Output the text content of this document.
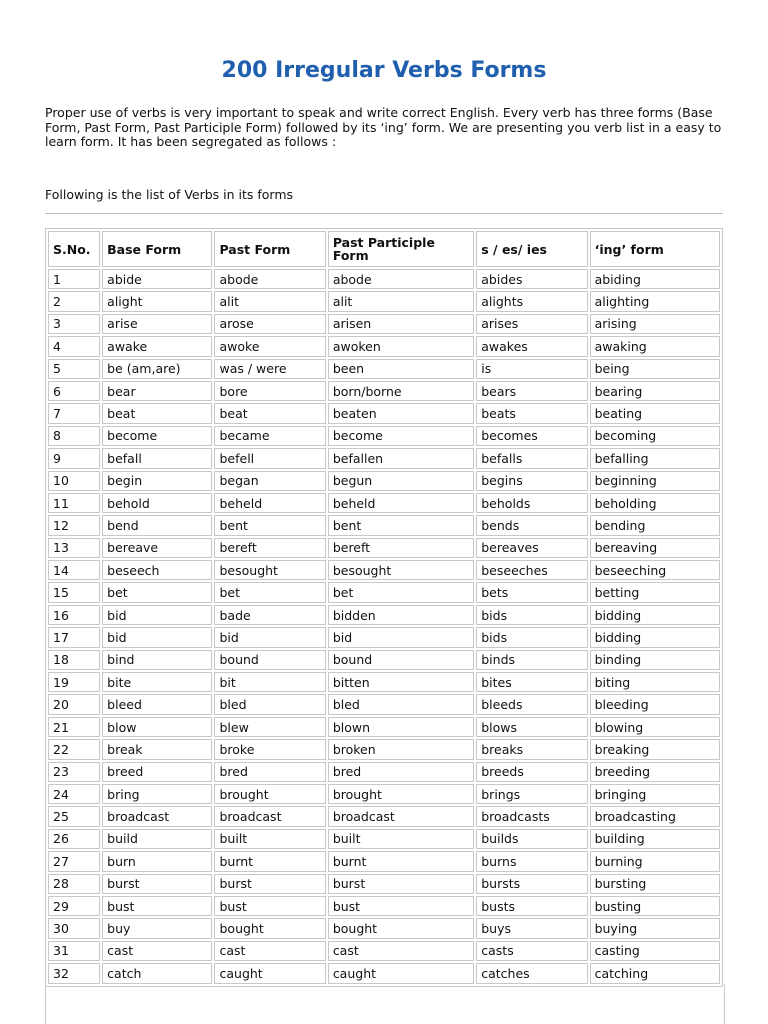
200 Irregular Verbs Forms

Proper use of verbs is very important to speak and write correct English. Every verb has three forms (Base Form, Past Form, Past Participle Form) followed by its ‘ing’ form. We are presenting you verb list in a easy to learn form. It has been segregated as follows :

Following is the list of Verbs in its forms

S.No.	Base Form	Past Form	Past Participle Form	s / es/ ies	‘ing’ form
1	abide	abode	abode	abides	abiding
2	alight	alit	alit	alights	alighting
3	arise	arose	arisen	arises	arising
4	awake	awoke	awoken	awakes	awaking
5	be (am,are)	was / were	been	is	being
6	bear	bore	born/borne	bears	bearing
7	beat	beat	beaten	beats	beating
8	become	became	become	becomes	becoming
9	befall	befell	befallen	befalls	befalling
10	begin	began	begun	begins	beginning
11	behold	beheld	beheld	beholds	beholding
12	bend	bent	bent	bends	bending
13	bereave	bereft	bereft	bereaves	bereaving
14	beseech	besought	besought	beseeches	beseeching
15	bet	bet	bet	bets	betting
16	bid	bade	bidden	bids	bidding
17	bid	bid	bid	bids	bidding
18	bind	bound	bound	binds	binding
19	bite	bit	bitten	bites	biting
20	bleed	bled	bled	bleeds	bleeding
21	blow	blew	blown	blows	blowing
22	break	broke	broken	breaks	breaking
23	breed	bred	bred	breeds	breeding
24	bring	brought	brought	brings	bringing
25	broadcast	broadcast	broadcast	broadcasts	broadcasting
26	build	built	built	builds	building
27	burn	burnt	burnt	burns	burning
28	burst	burst	burst	bursts	bursting
29	bust	bust	bust	busts	busting
30	buy	bought	bought	buys	buying
31	cast	cast	cast	casts	casting
32	catch	caught	caught	catches	catching
